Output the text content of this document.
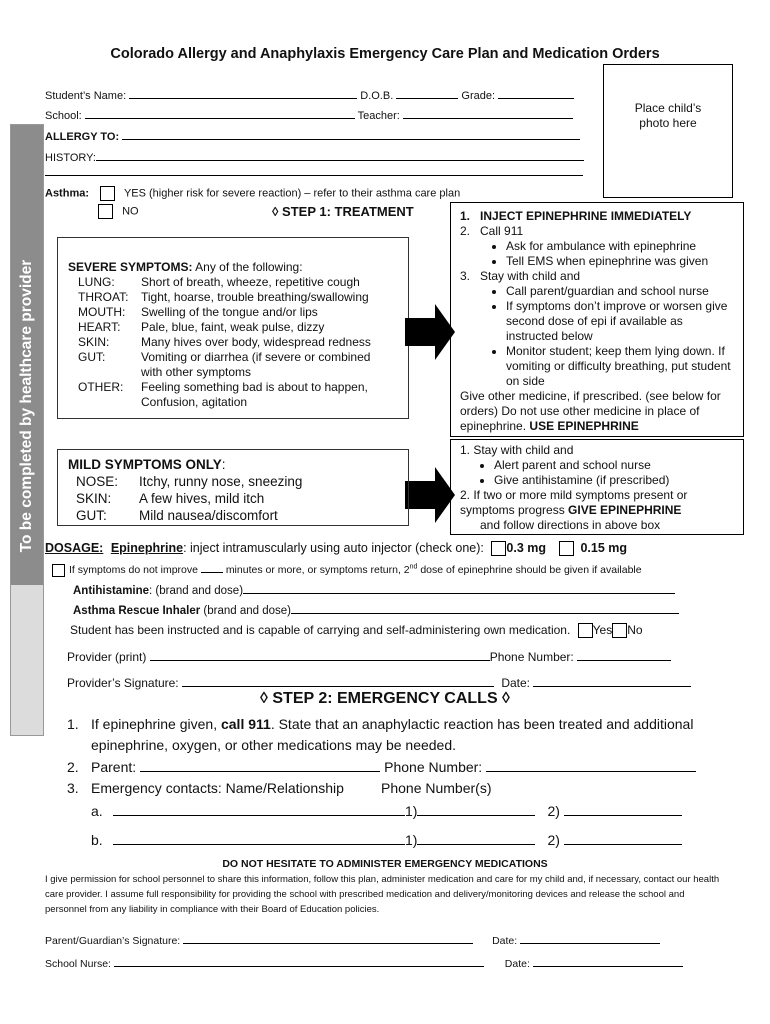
Colorado Allergy and Anaphylaxis Emergency Care Plan and Medication Orders
To be completed by healthcare provider
Place child’s photo here
Student’s Name:	D.O.B.	Grade:
School:	Teacher:
ALLERGY TO:
HISTORY:
Asthma:	YES (higher risk for severe reaction) – refer to their asthma care plan
NO	◊ STEP 1: TREATMENT
SEVERE SYMPTOMS: Any of the following:
LUNG:	Short of breath, wheeze, repetitive cough
THROAT:	Tight, hoarse, trouble breathing/swallowing
MOUTH:	Swelling of the tongue and/or lips
HEART:	Pale, blue, faint, weak pulse, dizzy
SKIN:	Many hives over body, widespread redness
GUT:	Vomiting or diarrhea (if severe or combined with other symptoms
OTHER:	Feeling something bad is about to happen, Confusion, agitation
1.   INJECT EPINEPHRINE IMMEDIATELY
2.   Call 911
• Ask for ambulance with epinephrine
• Tell EMS when epinephrine was given
3.   Stay with child and
• Call parent/guardian and school nurse
• If symptoms don’t improve or worsen give second dose of epi if available as instructed below
• Monitor student; keep them lying down. If vomiting or difficulty breathing, put student on side
Give other medicine, if prescribed. (see below for orders) Do not use other medicine in place of epinephrine. USE EPINEPHRINE
MILD SYMPTOMS ONLY:
NOSE:	Itchy, runny nose, sneezing
SKIN:	A few hives, mild itch
GUT:	Mild nausea/discomfort
1. Stay with child and
• Alert parent and school nurse
• Give antihistamine (if prescribed)
2. If two or more mild symptoms present or symptoms progress GIVE EPINEPHRINE
and follow directions in above box
DOSAGE: Epinephrine: inject intramuscularly using auto injector (check one): 0.3 mg	0.15 mg
If symptoms do not improve	minutes or more, or symptoms return, 2nd dose of epinephrine should be given if available
Antihistamine: (brand and dose)
Asthma Rescue Inhaler (brand and dose)
Student has been instructed and is capable of carrying and self-administering own medication. Yes No
Provider (print)	Phone Number:
Provider’s Signature:	Date:
◊ STEP 2: EMERGENCY CALLS ◊
1. If epinephrine given, call 911. State that an anaphylactic reaction has been treated and additional epinephrine, oxygen, or other medications may be needed.
2. Parent:	Phone Number:
3. Emergency contacts: Name/Relationship	Phone Number(s)
a.	1)	2)
b.	1)	2)
DO NOT HESITATE TO ADMINISTER EMERGENCY MEDICATIONS
I give permission for school personnel to share this information, follow this plan, administer medication and care for my child and, if necessary, contact our health care provider. I assume full responsibility for providing the school with prescribed medication and delivery/monitoring devices and release the school and personnel from any liability in compliance with their Board of Education policies.
Parent/Guardian’s Signature:	Date:
School Nurse:	Date:
